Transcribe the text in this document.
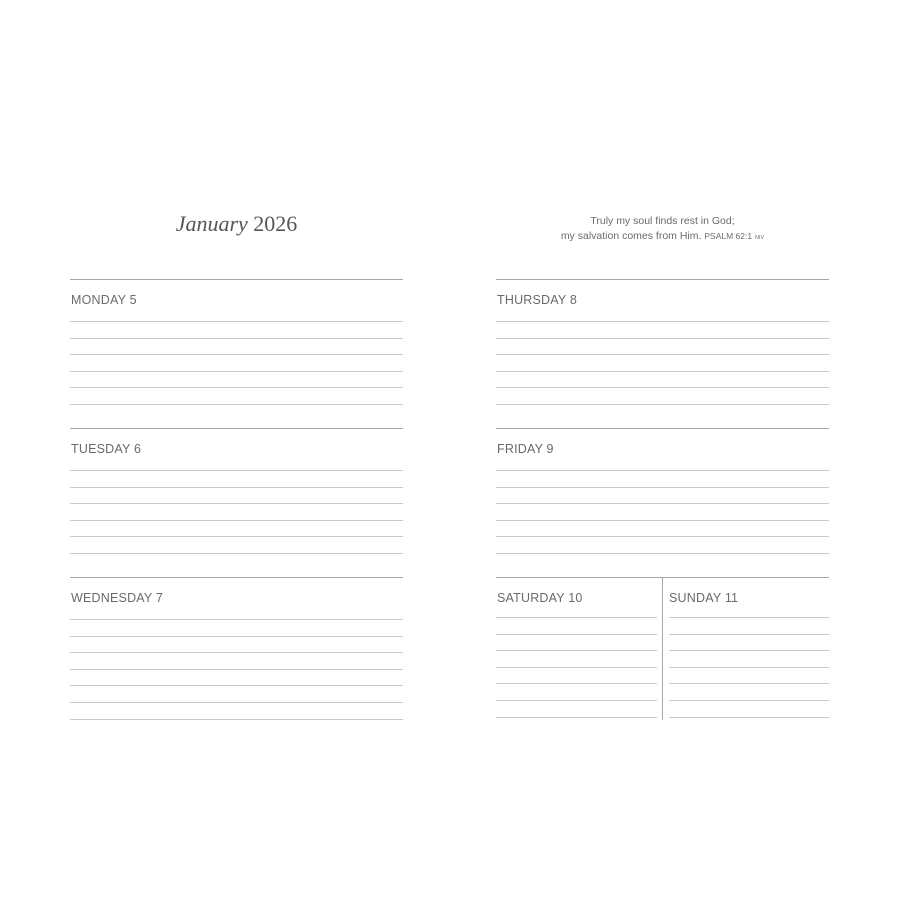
January 2026	Truly my soul finds rest in God;
my salvation comes from Him. PSALM 62:1 NIV
MONDAY 5
TUESDAY 6
WEDNESDAY 7
THURSDAY 8
FRIDAY 9
SATURDAY 10	SUNDAY 11
